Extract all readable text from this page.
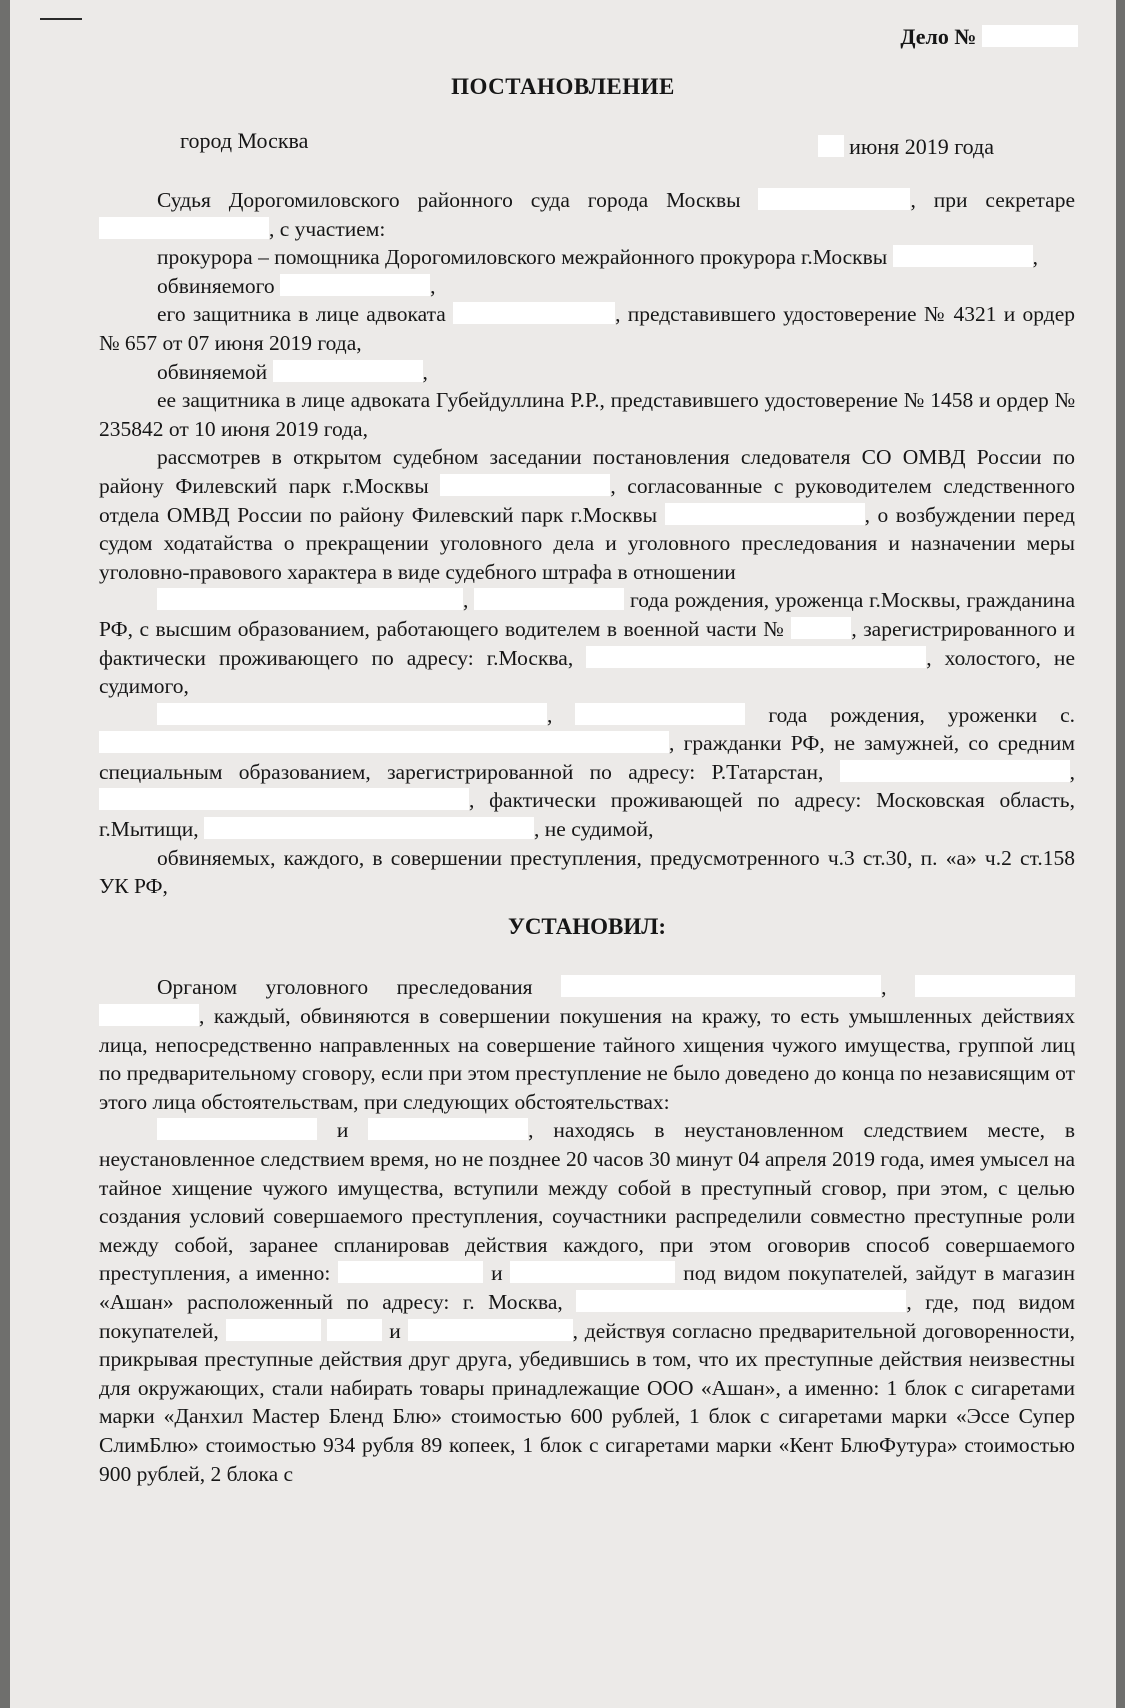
Дело №
ПОСТАНОВЛЕНИЕ
город Москва	июня 2019 года

Судья Дорогомиловского районного суда города Москвы	, при секретаре , с участием:

прокурора – помощника Дорогомиловского межрайонного прокурора г.Москвы	,

обвиняемого	,

его защитника в лице адвоката	, представившего удостоверение № 4321 и ордер № 657 от 07 июня 2019 года,

обвиняемой	,

ее защитника в лице адвоката Губейдуллина Р.Р., представившего удостоверение № 1458 и ордер № 235842 от 10 июня 2019 года,

рассмотрев в открытом судебном заседании постановления следователя СО ОМВД России по району Филевский парк г.Москвы	, согласованные с руководителем следственного отдела ОМВД России по району Филевский парк г.Москвы	, о возбуждении перед судом ходатайства о прекращении уголовного дела и уголовного преследования и назначении меры уголовно-правового характера в виде судебного штрафа в отношении

,	года рождения, уроженца г.Москвы, гражданина РФ, с высшим образованием, работающего водителем в военной части №	, зарегистрированного и фактически проживающего по адресу: г.Москва,	, холостого, не судимого,

,	года рождения, уроженки с. , гражданки РФ, не замужней, со средним специальным образованием, зарегистрированной по адресу: Р.Татарстан,	, , фактически проживающей по адресу: Московская область, г.Мытищи,	, не судимой,

обвиняемых, каждого, в совершении преступления, предусмотренного ч.3 ст.30, п. «а» ч.2 ст.158 УК РФ,

УСТАНОВИЛ:

Органом уголовного преследования	,  , каждый, обвиняются в совершении покушения на кражу, то есть умышленных действиях лица, непосредственно направленных на совершение тайного хищения чужого имущества, группой лиц по предварительному сговору, если при этом преступление не было доведено до конца по независящим от этого лица обстоятельствам, при следующих обстоятельствах:

и	, находясь в неустановленном следствием месте, в неустановленное следствием время, но не позднее 20 часов 30 минут 04 апреля 2019 года, имея умысел на тайное хищение чужого имущества, вступили между собой в преступный сговор, при этом, с целью создания условий совершаемого преступления, соучастники распределили совместно преступные роли между собой, заранее спланировав действия каждого, при этом оговорив способ совершаемого преступления, а именно:	и	под видом покупателей, зайдут в магазин «Ашан» расположенный по адресу: г. Москва,	, где, под видом покупателей,	и	, действуя согласно предварительной договоренности, прикрывая преступные действия друг друга, убедившись в том, что их преступные действия неизвестны для окружающих, стали набирать товары принадлежащие ООО «Ашан», а именно: 1 блок с сигаретами марки «Данхил Мастер Бленд Блю» стоимостью 600 рублей, 1 блок с сигаретами марки «Эссе Супер СлимБлю» стоимостью 934 рубля 89 копеек, 1 блок с сигаретами марки «Кент БлюФутура» стоимостью 900 рублей, 2 блока с
